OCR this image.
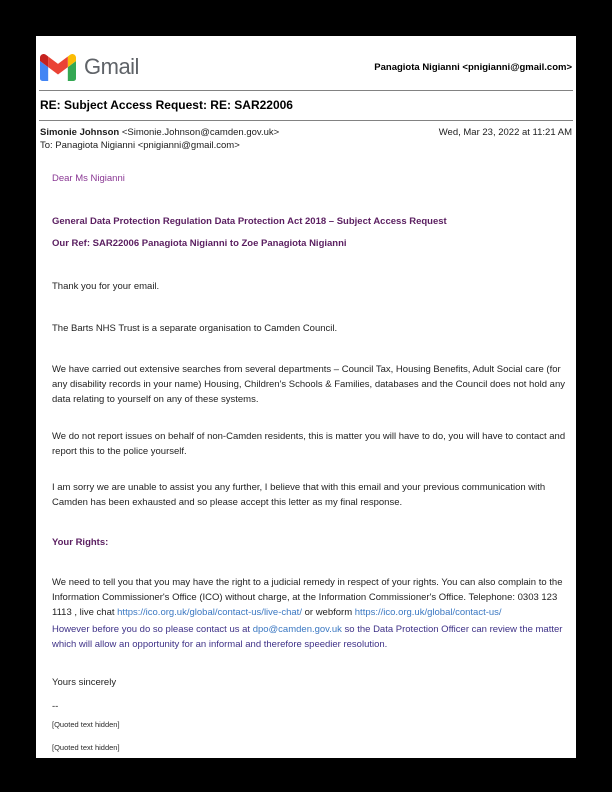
Gmail	Panagiota Nigianni <pnigianni@gmail.com>
RE: Subject Access Request: RE: SAR22006
Simonie Johnson <Simonie.Johnson@camden.gov.uk>
To: Panagiota Nigianni <pnigianni@gmail.com>
Wed, Mar 23, 2022 at 11:21 AM

Dear Ms Nigianni

General Data Protection Regulation Data Protection Act 2018 – Subject Access Request

Our Ref: SAR22006 Panagiota Nigianni to Zoe Panagiota Nigianni

Thank you for your email.

The Barts NHS Trust is a separate organisation to Camden Council.

We have carried out extensive searches from several departments – Council Tax, Housing Benefits, Adult Social care (for any disability records in your name) Housing, Children's Schools & Families, databases and the Council does not hold any data relating to yourself on any of these systems.

We do not report issues on behalf of non-Camden residents, this is matter you will have to do, you will have to contact and report this to the police yourself.

I am sorry we are unable to assist you any further, I believe that with this email and your previous communication with Camden has been exhausted and so please accept this letter as my final response.

Your Rights:

We need to tell you that you may have the right to a judicial remedy in respect of your rights. You can also complain to the Information Commissioner's Office (ICO) without charge, at the Information Commissioner's Office. Telephone: 0303 123 1113 , live chat https://ico.org.uk/global/contact-us/live-chat/ or webform https://ico.org.uk/global/contact-us/

However before you do so please contact us at dpo@camden.gov.uk so the Data Protection Officer can review the matter which will allow an opportunity for an informal and therefore speedier resolution.

Yours sincerely

--

[Quoted text hidden]

[Quoted text hidden]
